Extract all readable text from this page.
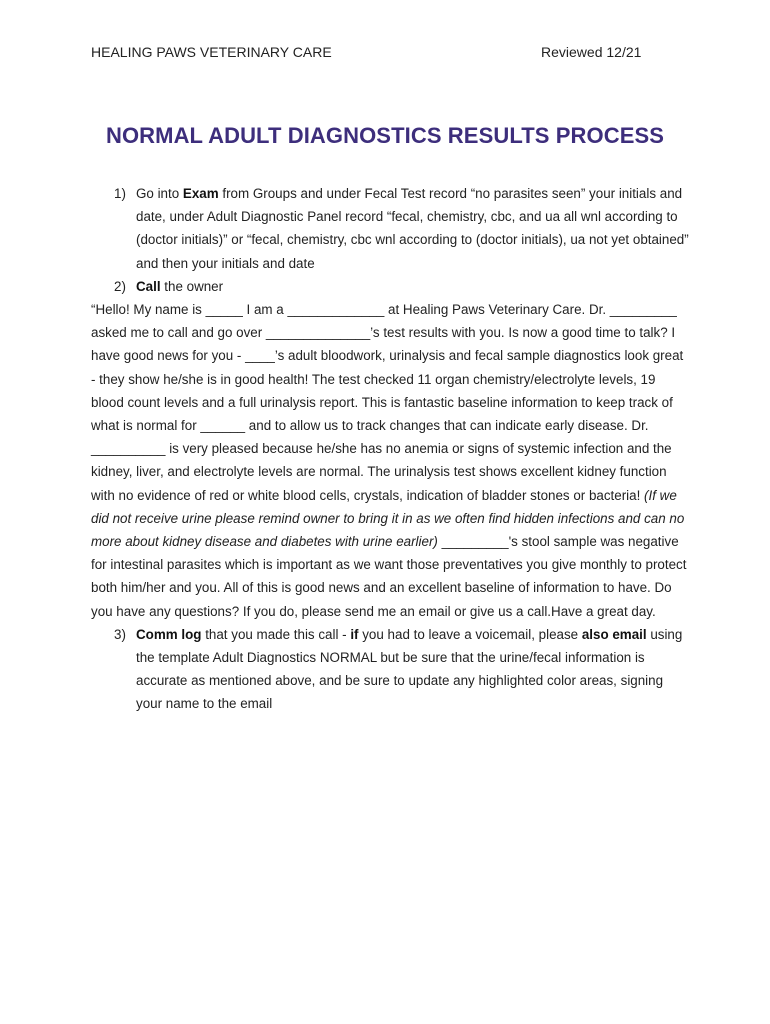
HEALING PAWS VETERINARY CARE	Reviewed 12/21
NORMAL ADULT DIAGNOSTICS RESULTS PROCESS
1) Go into Exam from Groups and under Fecal Test record “no parasites seen” your initials and date, under Adult Diagnostic Panel record “fecal, chemistry, cbc, and ua all wnl according to (doctor initials)” or “fecal, chemistry, cbc wnl according to (doctor initials), ua not yet obtained” and then your initials and date
2) Call the owner

“Hello! My name is _____ I am a _____________ at Healing Paws Veterinary Care. Dr. _________ asked me to call and go over ______________’s test results with you. Is now a good time to talk? I have good news for you - ____’s adult bloodwork, urinalysis and fecal sample diagnostics look great - they show he/she is in good health! The test checked 11 organ chemistry/electrolyte levels, 19 blood count levels and a full urinalysis report. This is fantastic baseline information to keep track of what is normal for ______ and to allow us to track changes that can indicate early disease. Dr. __________ is very pleased because he/she has no anemia or signs of systemic infection and the kidney, liver, and electrolyte levels are normal. The urinalysis test shows excellent kidney function with no evidence of red or white blood cells, crystals, indication of bladder stones or bacteria! (If we did not receive urine please remind owner to bring it in as we often find hidden infections and can no more about kidney disease and diabetes with urine earlier) _________'s stool sample was negative for intestinal parasites which is important as we want those preventatives you give monthly to protect both him/her and you. All of this is good news and an excellent baseline of information to have. Do you have any questions? If you do, please send me an email or give us a call.Have a great day.

3) Comm log that you made this call - if you had to leave a voicemail, please also email using the template Adult Diagnostics NORMAL but be sure that the urine/fecal information is accurate as mentioned above, and be sure to update any highlighted color areas, signing your name to the email
